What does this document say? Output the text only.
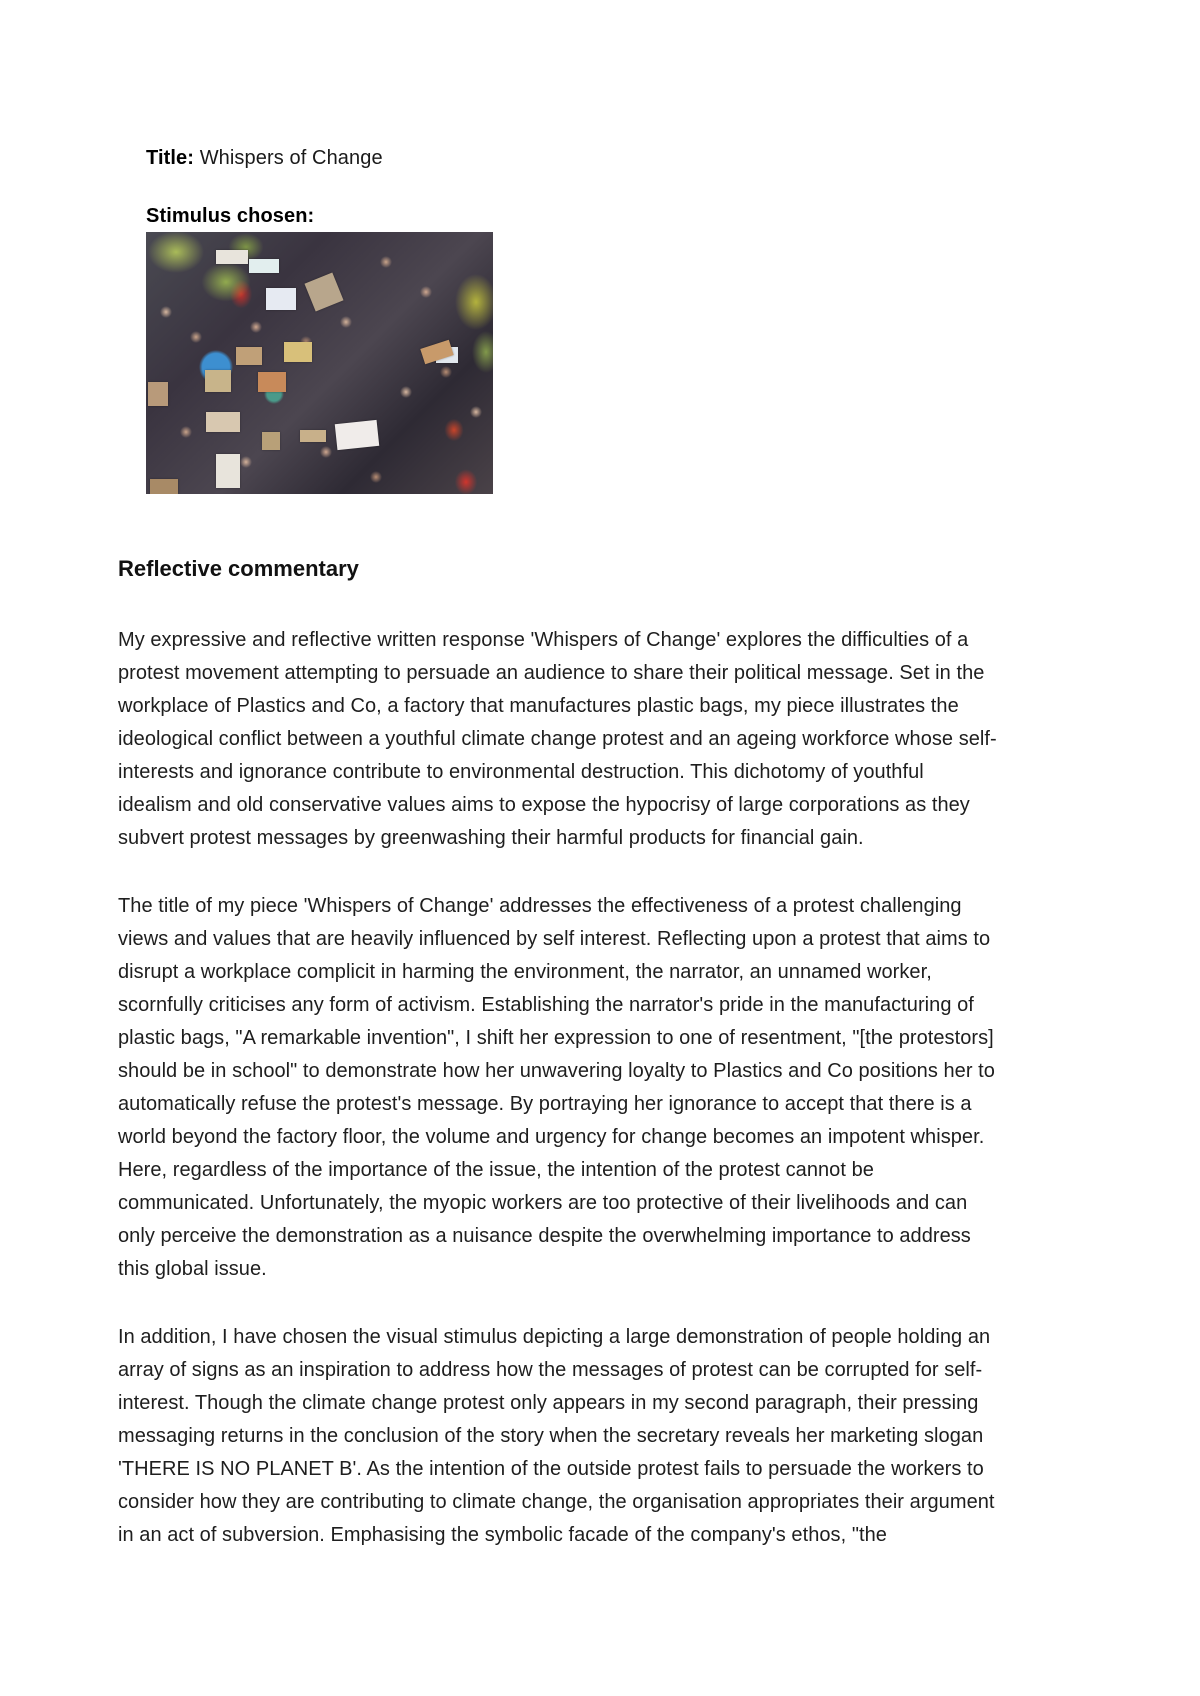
Title: Whispers of Change
Stimulus chosen:
Reflective commentary

My expressive and reflective written response 'Whispers of Change' explores the difficulties of a
protest movement attempting to persuade an audience to share their political message. Set in the
workplace of Plastics and Co, a factory that manufactures plastic bags, my piece illustrates the
ideological conflict between a youthful climate change protest and an ageing workforce whose self-
interests and ignorance contribute to environmental destruction. This dichotomy of youthful
idealism and old conservative values aims to expose the hypocrisy of large corporations as they
subvert protest messages by greenwashing their harmful products for financial gain.

The title of my piece 'Whispers of Change' addresses the effectiveness of a protest challenging
views and values that are heavily influenced by self interest. Reflecting upon a protest that aims to
disrupt a workplace complicit in harming the environment, the narrator, an unnamed worker,
scornfully criticises any form of activism. Establishing the narrator's pride in the manufacturing of
plastic bags, "A remarkable invention", I shift her expression to one of resentment, "[the protestors]
should be in school" to demonstrate how her unwavering loyalty to Plastics and Co positions her to
automatically refuse the protest's message. By portraying her ignorance to accept that there is a
world beyond the factory floor, the volume and urgency for change becomes an impotent whisper.
Here, regardless of the importance of the issue, the intention of the protest cannot be
communicated. Unfortunately, the myopic workers are too protective of their livelihoods and can
only perceive the demonstration as a nuisance despite the overwhelming importance to address
this global issue.

In addition, I have chosen the visual stimulus depicting a large demonstration of people holding an
array of signs as an inspiration to address how the messages of protest can be corrupted for self-
interest. Though the climate change protest only appears in my second paragraph, their pressing
messaging returns in the conclusion of the story when the secretary reveals her marketing slogan
'THERE IS NO PLANET B'. As the intention of the outside protest fails to persuade the workers to
consider how they are contributing to climate change, the organisation appropriates their argument
in an act of subversion. Emphasising the symbolic facade of the company's ethos, "the
